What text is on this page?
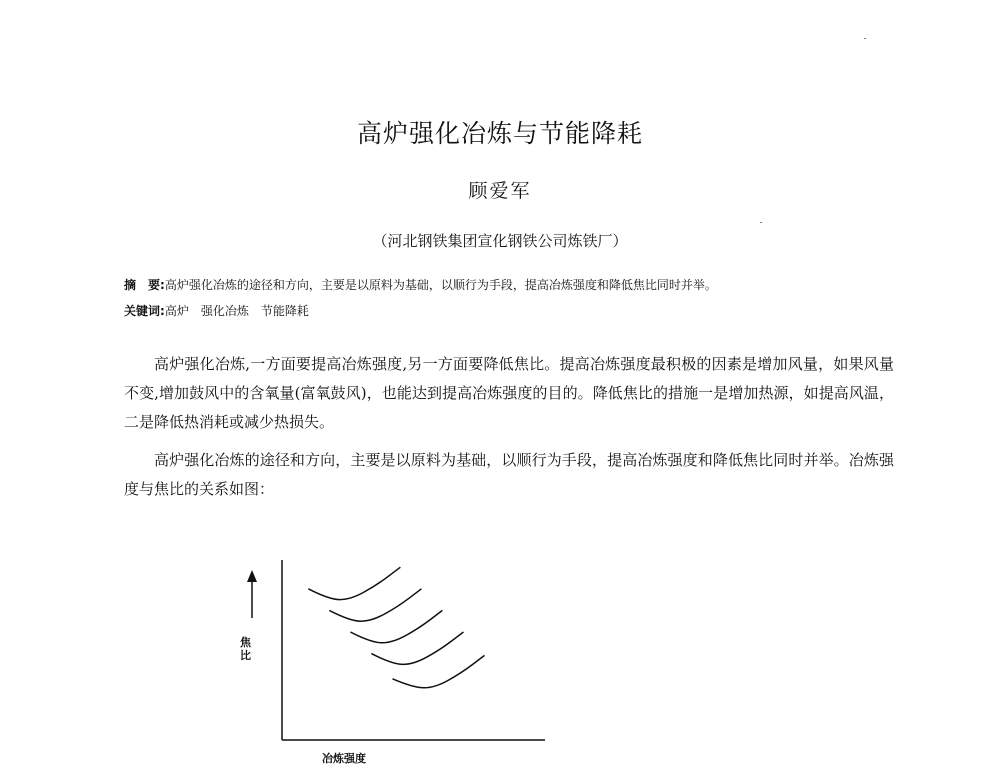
高炉强化冶炼与节能降耗
顾爱军
（河北钢铁集团宣化钢铁公司炼铁厂）
摘　要:高炉强化冶炼的途径和方向，主要是以原料为基础，以顺行为手段，提高冶炼强度和降低焦比同时并举。
关键词:高炉　强化冶炼　节能降耗

高炉强化冶炼,一方面要提高冶炼强度,另一方面要降低焦比。提高冶炼强度最积极的因素是增加风量，如果风量不变,增加鼓风中的含氧量(富氧鼓风)，也能达到提高冶炼强度的目的。降低焦比的措施一是增加热源，如提高风温，二是降低热消耗或减少热损失。

高炉强化冶炼的途径和方向，主要是以原料为基础，以顺行为手段，提高冶炼强度和降低焦比同时并举。冶炼强度与焦比的关系如图：

焦比
冶炼强度
